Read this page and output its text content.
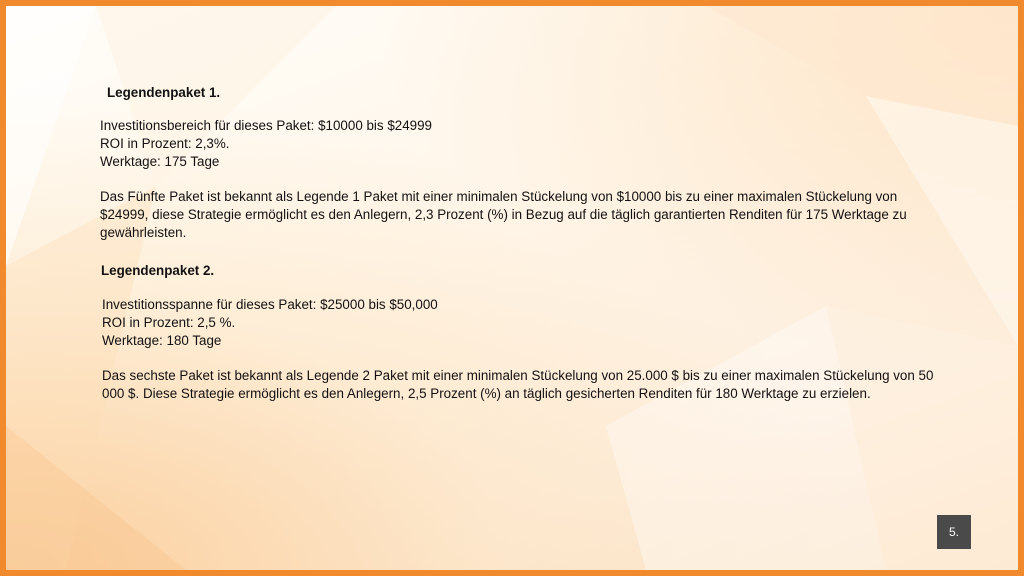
Legendenpaket 1.

Investitionsbereich für dieses Paket: $10000 bis $24999
ROI in Prozent: 2,3%.
Werktage: 175 Tage

Das Fünfte Paket ist bekannt als Legende 1 Paket mit einer minimalen Stückelung von $10000 bis zu einer maximalen Stückelung von $24999, diese Strategie ermöglicht es den Anlegern, 2,3 Prozent (%) in Bezug auf die täglich garantierten Renditen für 175 Werktage zu gewährleisten.

Legendenpaket 2.

Investitionsspanne für dieses Paket: $25000 bis $50,000
ROI in Prozent: 2,5 %.
Werktage: 180 Tage

Das sechste Paket ist bekannt als Legende 2 Paket mit einer minimalen Stückelung von 25.000 $ bis zu einer maximalen Stückelung von 50 000 $. Diese Strategie ermöglicht es den Anlegern, 2,5 Prozent (%) an täglich gesicherten Renditen für 180 Werktage zu erzielen.

5.
